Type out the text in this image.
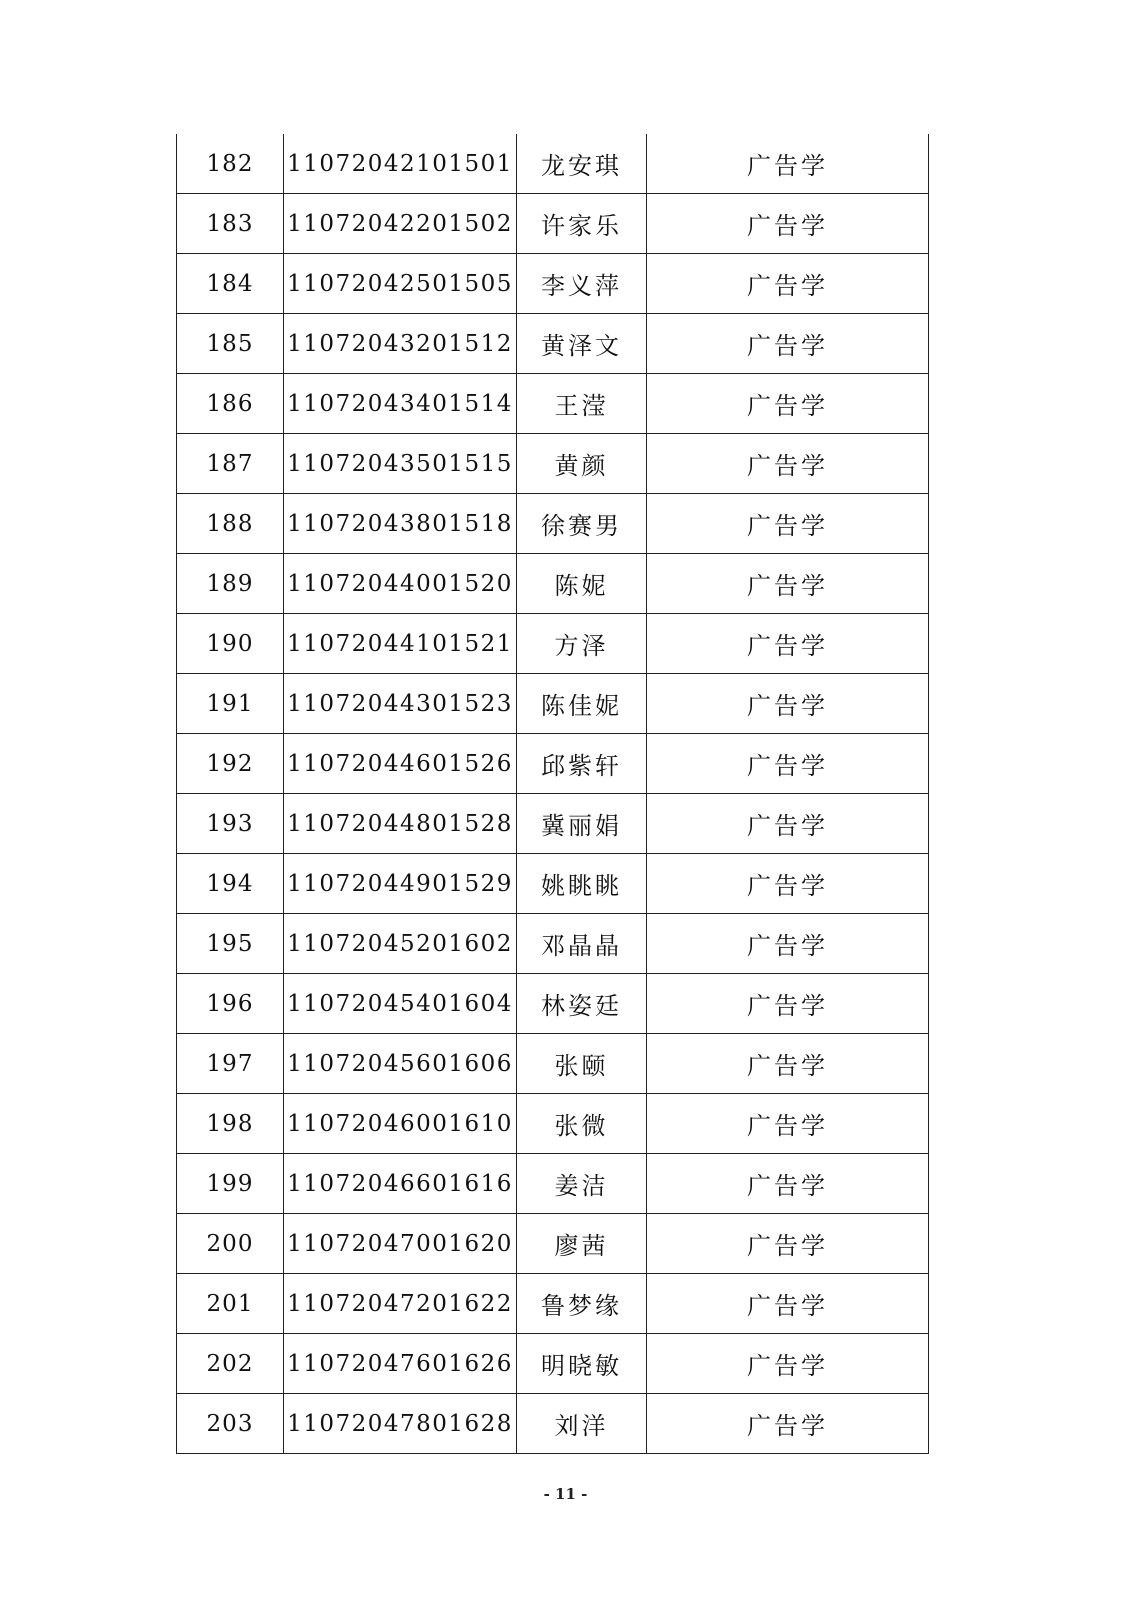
182	11072042101501	龙安琪	广告学
183	11072042201502	许家乐	广告学
184	11072042501505	李义萍	广告学
185	11072043201512	黄泽文	广告学
186	11072043401514	王滢	广告学
187	11072043501515	黄颜	广告学
188	11072043801518	徐赛男	广告学
189	11072044001520	陈妮	广告学
190	11072044101521	方泽	广告学
191	11072044301523	陈佳妮	广告学
192	11072044601526	邱紫轩	广告学
193	11072044801528	冀丽娟	广告学
194	11072044901529	姚眺眺	广告学
195	11072045201602	邓晶晶	广告学
196	11072045401604	林姿廷	广告学
197	11072045601606	张颐	广告学
198	11072046001610	张微	广告学
199	11072046601616	姜洁	广告学
200	11072047001620	廖茜	广告学
201	11072047201622	鲁梦缘	广告学
202	11072047601626	明晓敏	广告学
203	11072047801628	刘洋	广告学
- 11 -
